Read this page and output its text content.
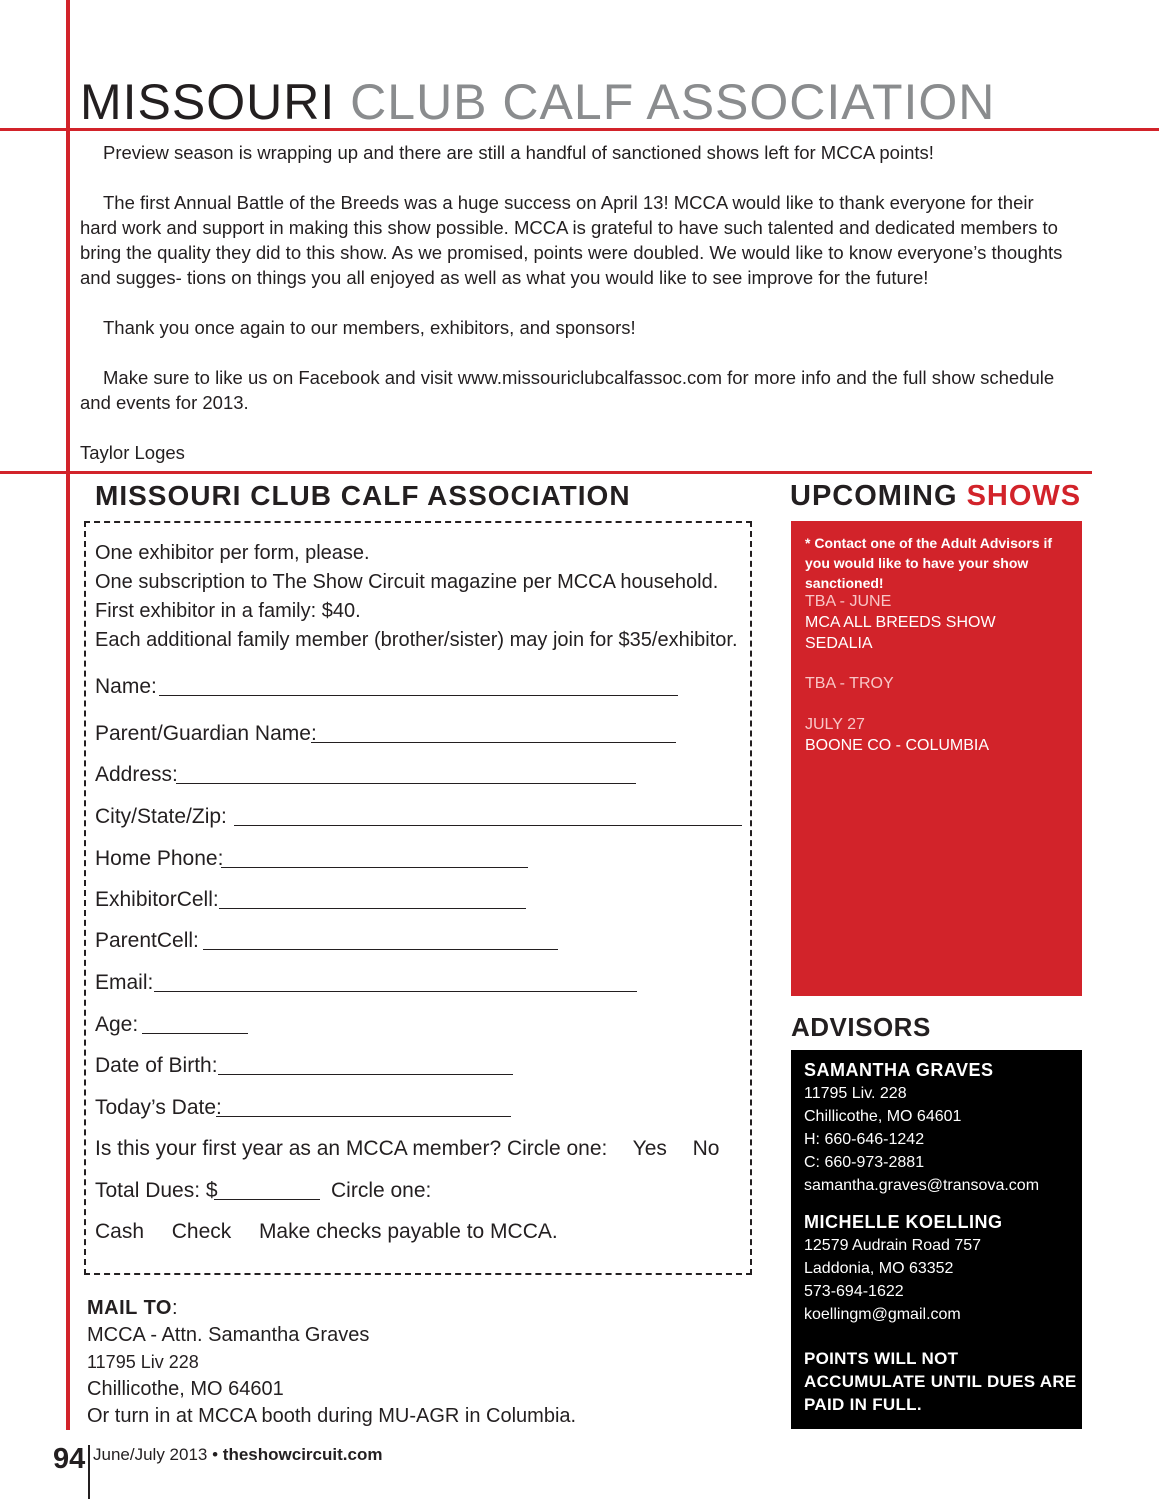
MISSOURI CLUB CALF ASSOCIATION

Preview season is wrapping up and there are still a handful of sanctioned shows left for MCCA points!

The first Annual Battle of the Breeds was a huge success on April 13! MCCA would like to thank everyone for their hard work and support in making this show possible. MCCA is grateful to have such talented and dedicated members to bring the quality they did to this show. As we promised, points were doubled. We would like to know everyone’s thoughts and sugges- tions on things you all enjoyed as well as what you would like to see improve for the future!

Thank you once again to our members, exhibitors, and sponsors!

Make sure to like us on Facebook and visit www.missouriclubcalfassoc.com for more info and the full show schedule and events for 2013.

Taylor Loges

MISSOURI CLUB CALF ASSOCIATION
One exhibitor per form, please.
One subscription to The Show Circuit magazine per MCCA household.
First exhibitor in a family: $40.
Each additional family member (brother/sister) may join for $35/exhibitor.
Name:
Parent/Guardian Name:
Address:
City/State/Zip:
Home Phone:
ExhibitorCell:
ParentCell:
Email:
Age:
Date of Birth:
Today’s Date:
Is this your first year as an MCCA member? Circle one: Yes No
Total Dues: $	Circle one:
Cash Check Make checks payable to MCCA.
MAIL TO:
MCCA - Attn. Samantha Graves
11795 Liv 228
Chillicothe, MO 64601
Or turn in at MCCA booth during MU-AGR in Columbia.
94 June/July 2013 • theshowcircuit.com
UPCOMING SHOWS
* Contact one of the Adult Advisors if you would like to have your show sanctioned!
TBA - JUNE
MCA ALL BREEDS SHOW
SEDALIA
TBA - TROY
JULY 27
BOONE CO - COLUMBIA
ADVISORS
SAMANTHA GRAVES
11795 Liv. 228
Chillicothe, MO 64601
H: 660-646-1242
C: 660-973-2881
samantha.graves@transova.com
MICHELLE KOELLING
12579 Audrain Road 757
Laddonia, MO 63352
573-694-1622
koellingm@gmail.com
POINTS WILL NOT ACCUMULATE UNTIL DUES ARE PAID IN FULL.
